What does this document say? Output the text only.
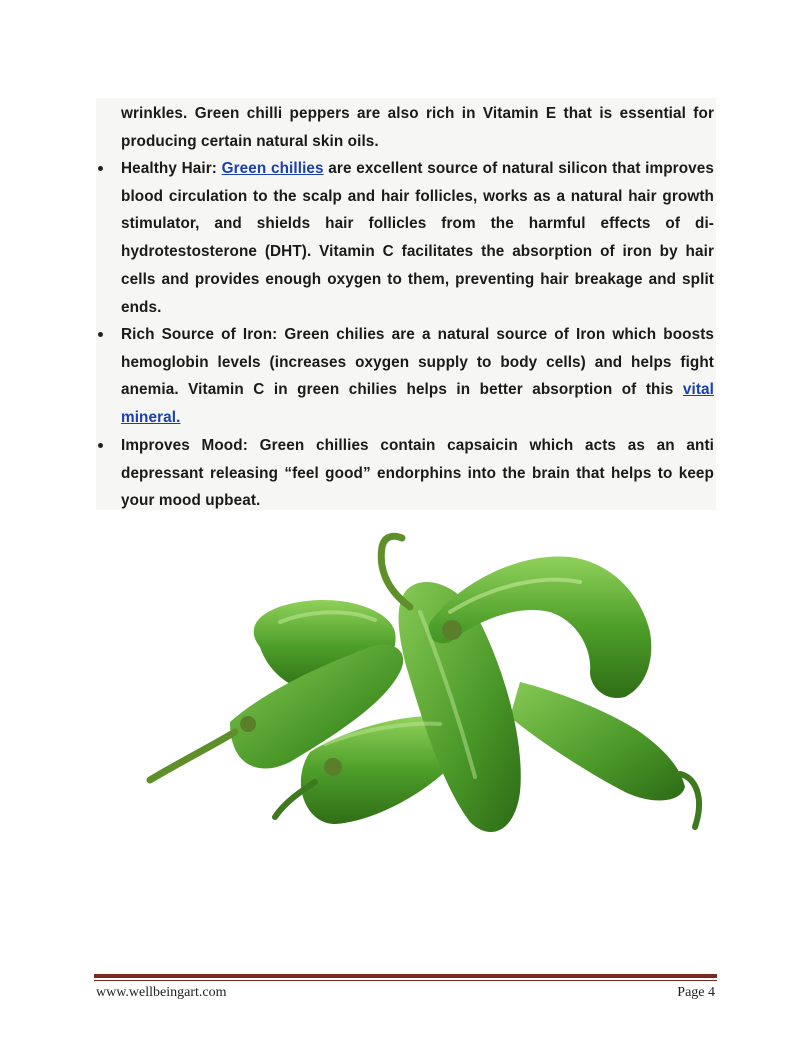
wrinkles. Green chilli peppers are also rich in Vitamin E that is essential for producing certain natural skin oils.
Healthy Hair: Green chillies are excellent source of natural silicon that improves blood circulation to the scalp and hair follicles, works as a natural hair growth stimulator, and shields hair follicles from the harmful effects of di-hydrotestosterone (DHT). Vitamin C facilitates the absorption of iron by hair cells and provides enough oxygen to them, preventing hair breakage and split ends.
Rich Source of Iron: Green chilies are a natural source of Iron which boosts hemoglobin levels (increases oxygen supply to body cells) and helps fight anemia. Vitamin C in green chilies helps in better absorption of this vital mineral.
Improves Mood: Green chillies contain capsaicin which acts as an anti depressant releasing “feel good” endorphins into the brain that helps to keep your mood upbeat.
www.wellbeingart.com	Page 4
